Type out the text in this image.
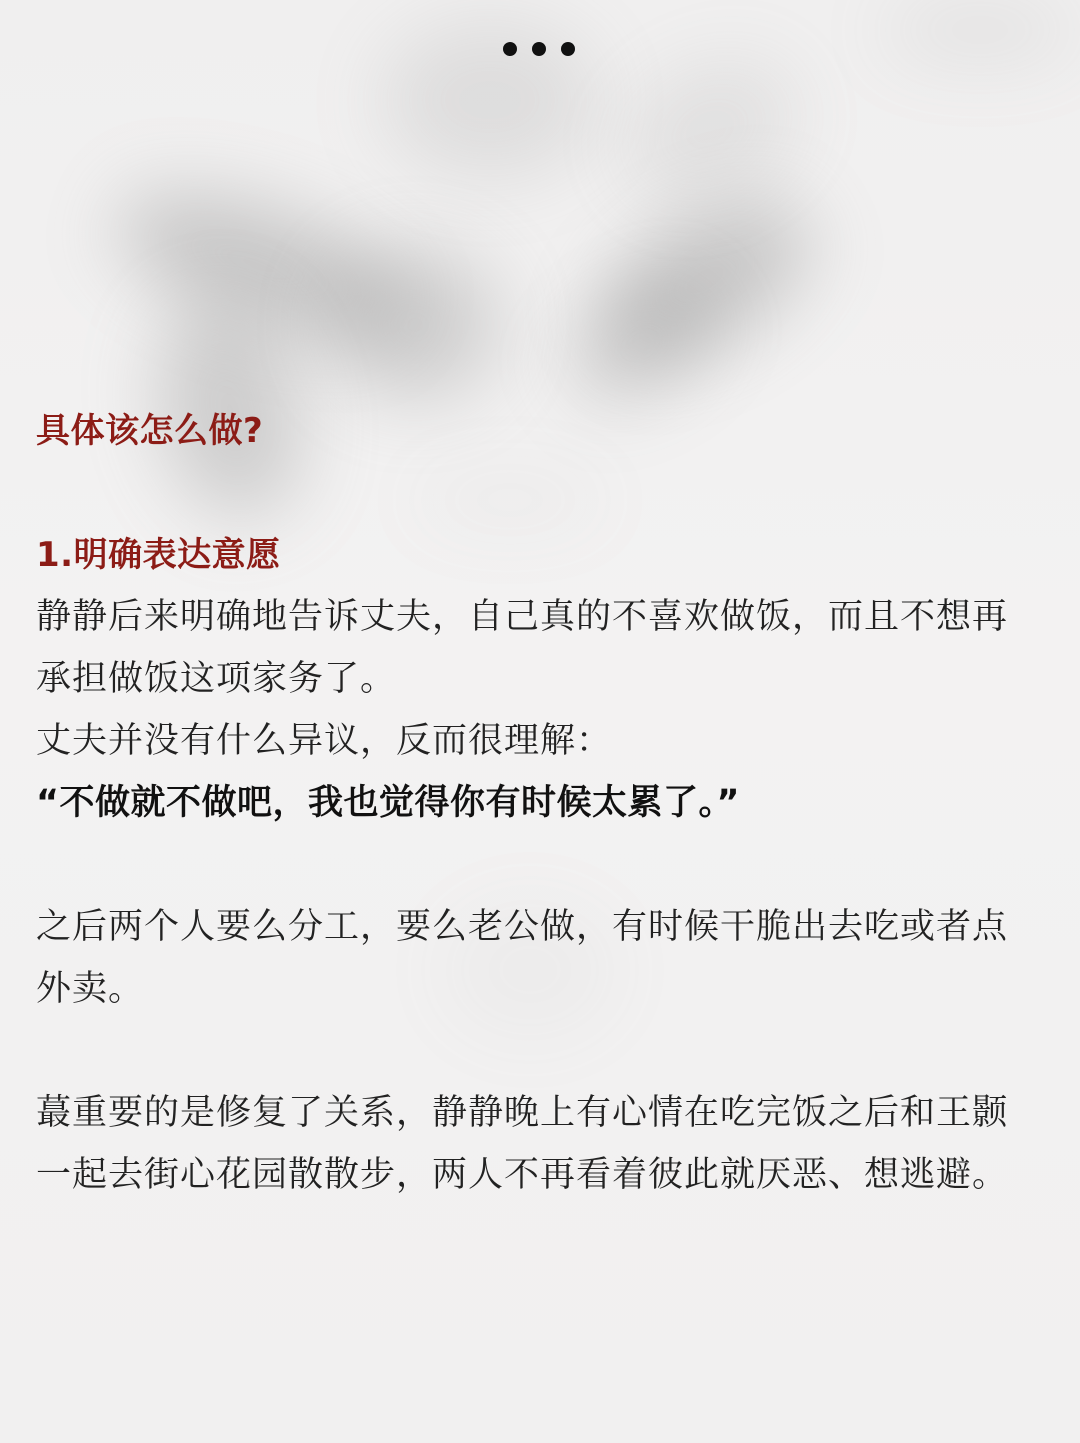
具体该怎么做?

1.明确表达意愿

静静后来明确地告诉丈夫，自己真的不喜欢做饭，而且不想再承担做饭这项家务了。

丈夫并没有什么异议，反而很理解：

“不做就不做吧，我也觉得你有时候太累了。”

之后两个人要么分工，要么老公做，有时候干脆出去吃或者点外卖。

蕞重要的是修复了关系，静静晚上有心情在吃完饭之后和王颢一起去街心花园散散步，两人不再看着彼此就厌恶、想逃避。
